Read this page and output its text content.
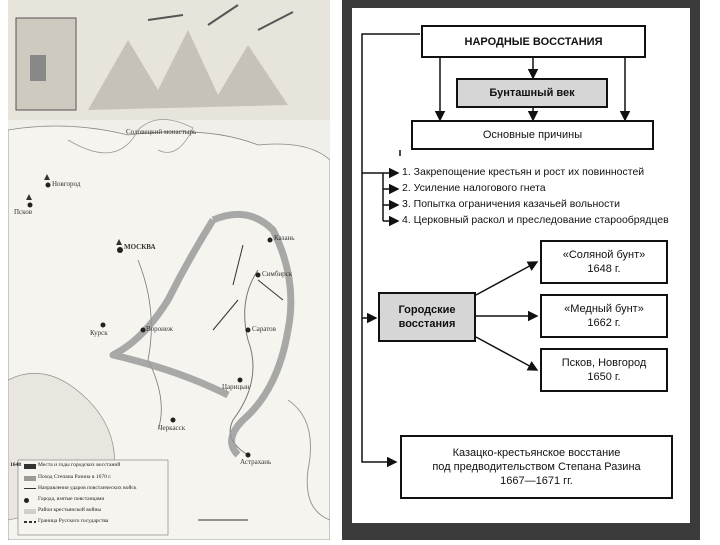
Соловецкий монастырь
МОСКВА
Астрахань
Царицын
Симбирск
Казань
Саратов
Новгород
Псков
Курск	Воронеж
Черкасск
1648	Места и годы городских восстаний
Поход Степана Разина в 1670 г.
Направления ударов повстанческих войск
Города, взятые повстанцами
Район крестьянской войны
Граница Русского государства
НАРОДНЫЕ ВОССТАНИЯ
Бунташный век
Основные причины
1. Закрепощение крестьян и рост их повинностей
2. Усиление налогового гнета
3. Попытка ограничения казачьей вольности
4. Церковный раскол и преследование старообрядцев
Городские восстания
«Соляной бунт»
1648 г.
«Медный бунт»
1662 г.
Псков, Новгород
1650 г.
Казацко-крестьянское восстание
под предводительством Степана Разина
1667—1671 гг.
